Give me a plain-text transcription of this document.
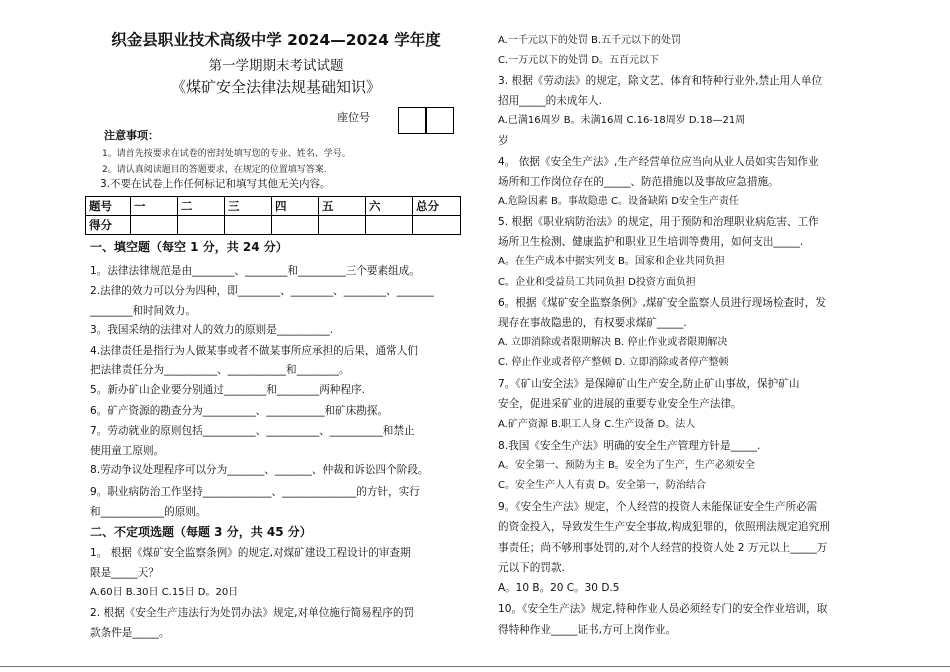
织金县职业技术高级中学 2024—2024 学年度
第一学期期末考试试题
《煤矿安全法律法规基础知识》
座位号
注意事项：
1。请首先按要求在试卷的密封处填写您的专业、姓名、学号。
2。请认真阅读题目的答题要求，在规定的位置填写答案.
3.不要在试卷上作任何标记和填写其他无关内容。
题号	一	二	三	四	五	六	总分
得分							
一、填空题（每空 1 分，共 24 分）
1。法律法律规范是由________、________和_________三个要素组成。
2.法律的效力可以分为四种，即________、________、________、_______
________和时间效力。
3。我国采纳的法律对人的效力的原则是__________.
4.法律责任是指行为人做某事或者不做某事所应承担的后果，通常人们
把法律责任分为__________、___________和________。
5。新办矿山企业要分别通过________和________两种程序.
6。矿产资源的勘查分为__________、___________和矿床勘探。
7。劳动就业的原则包括__________、__________、__________和禁止
使用童工原则。
8.劳动争议处理程序可以分为_______、_______、仲裁和诉讼四个阶段。
9。职业病防治工作坚持_____________、______________的方针，实行
和____________的原则。
二、不定项选题（每题 3 分，共 45 分）
1。 根据《煤矿安全监察条例》的规定,对煤矿建设工程设计的审查期
限是_____天？
A.60日 B.30日 C.15日 D。20日
2. 根据《安全生产违法行为处罚办法》规定,对单位施行简易程序的罚
款条件是_____。
A.一千元以下的处罚 B.五千元以下的处罚
C.一万元以下的处罚 D。五百元以下
3. 根据《劳动法》的规定，除文艺、体育和特种行业外,禁止用人单位
招用_____的未成年人.
A.已满16周岁 B。未满16周 C.16-18周岁 D.18—21周
岁
4。 依据《安全生产法》,生产经营单位应当向从业人员如实告知作业
场所和工作岗位存在的_____、防范措施以及事故应急措施。
A.危险因素 B。事故隐患 C。设备缺陷 D安全生产责任
5. 根据《职业病防治法》的规定，用于预防和治理职业病危害、工作
场所卫生检测、健康监护和职业卫生培训等费用，如何支出_____.
A。在生产成本中据实列支 B。国家和企业共同负担
C。企业和受益员工共同负担 D投资方面负担
6。根据《煤矿安全监察条例》,煤矿安全监察人员进行现场检查时，发
现存在事故隐患的，有权要求煤矿_____.
A. 立即消除或者限期解决 B. 停止作业或者限期解决
C. 停止作业或者停产整顿 D. 立即消除或者停产整顿
7。《矿山安全法》是保障矿山生产安全,防止矿山事故，保护矿山
安全，促进采矿业的进展的重要专业安全生产法律。
A.矿产资源 B.职工人身 C.生产设备 D。法人
8.我国《安全生产法》明确的安全生产管理方针是_____.
A。安全第一、预防为主 B。安全为了生产，生产必须安全
C。安全生产人人有责 D。安全第一，防治结合
9。《安全生产法》规定，个人经营的投资人未能保证安全生产所必需
的资金投入，导致发生生产安全事故,构成犯罪的，依照刑法规定追究刑
事责任；尚不够刑事处罚的,对个人经营的投资人处 2 万元以上_____万
元以下的罚款.
A。10 B。20 C。30 D.5
10。《安全生产法》规定,特种作业人员必须经专门的安全作业培训，取
得特种作业_____证书,方可上岗作业。
